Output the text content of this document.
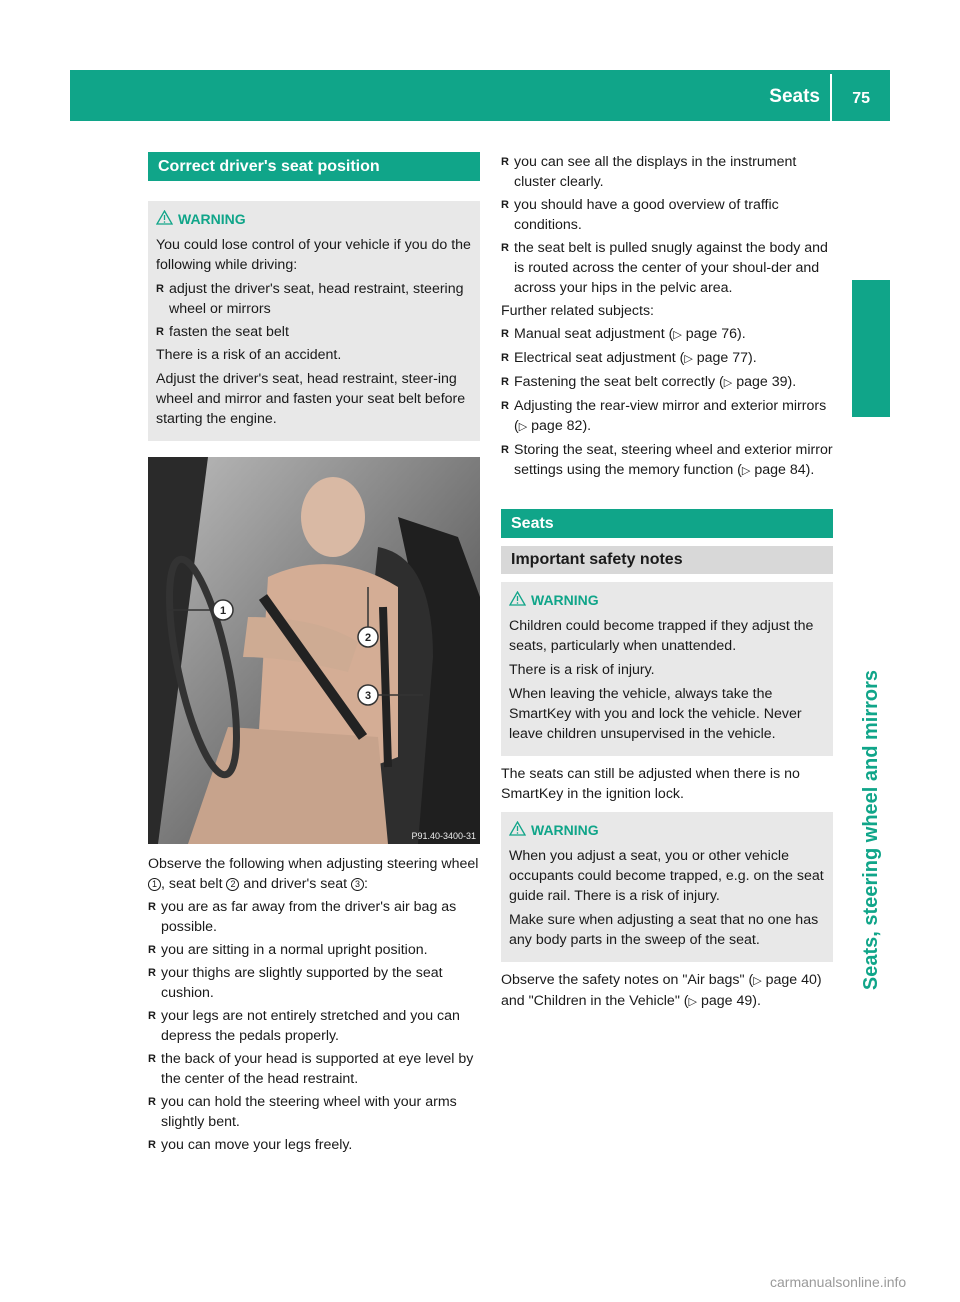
Seats 75
Seats, steering wheel and mirrors
Correct driver's seat position
WARNING

You could lose control of your vehicle if you do the following while driving:

R adjust the driver's seat, head restraint, steering wheel or mirrors
R fasten the seat belt

There is a risk of an accident.

Adjust the driver's seat, head restraint, steer-ing wheel and mirror and fasten your seat belt before starting the engine.

1
2
3
P91.40-3400-31

Observe the following when adjusting steering wheel 1 , seat belt 2 and driver's seat 3 :

R you are as far away from the driver's air bag as possible.
R you are sitting in a normal upright position.
R your thighs are slightly supported by the seat cushion.
R your legs are not entirely stretched and you can depress the pedals properly.
R the back of your head is supported at eye level by the center of the head restraint.
R you can hold the steering wheel with your arms slightly bent.
R you can move your legs freely.
R you can see all the displays in the instrument cluster clearly.
R you should have a good overview of traffic conditions.
R the seat belt is pulled snugly against the body and is routed across the center of your shoul-der and across your hips in the pelvic area.

Further related subjects:

R Manual seat adjustment (▷ page 76).
R Electrical seat adjustment (▷ page 77).
R Fastening the seat belt correctly (▷ page 39).
R Adjusting the rear-view mirror and exterior mirrors (▷ page 82).
R Storing the seat, steering wheel and exterior mirror settings using the memory function (▷ page 84).
Seats
Important safety notes
WARNING

Children could become trapped if they adjust the seats, particularly when unattended.

There is a risk of injury.

When leaving the vehicle, always take the SmartKey with you and lock the vehicle. Never leave children unsupervised in the vehicle.

The seats can still be adjusted when there is no SmartKey in the ignition lock.

WARNING

When you adjust a seat, you or other vehicle occupants could become trapped, e.g. on the seat guide rail. There is a risk of injury.

Make sure when adjusting a seat that no one has any body parts in the sweep of the seat.

Observe the safety notes on "Air bags" (▷ page 40) and "Children in the Vehicle" (▷ page 49).

carmanualsonline.info
